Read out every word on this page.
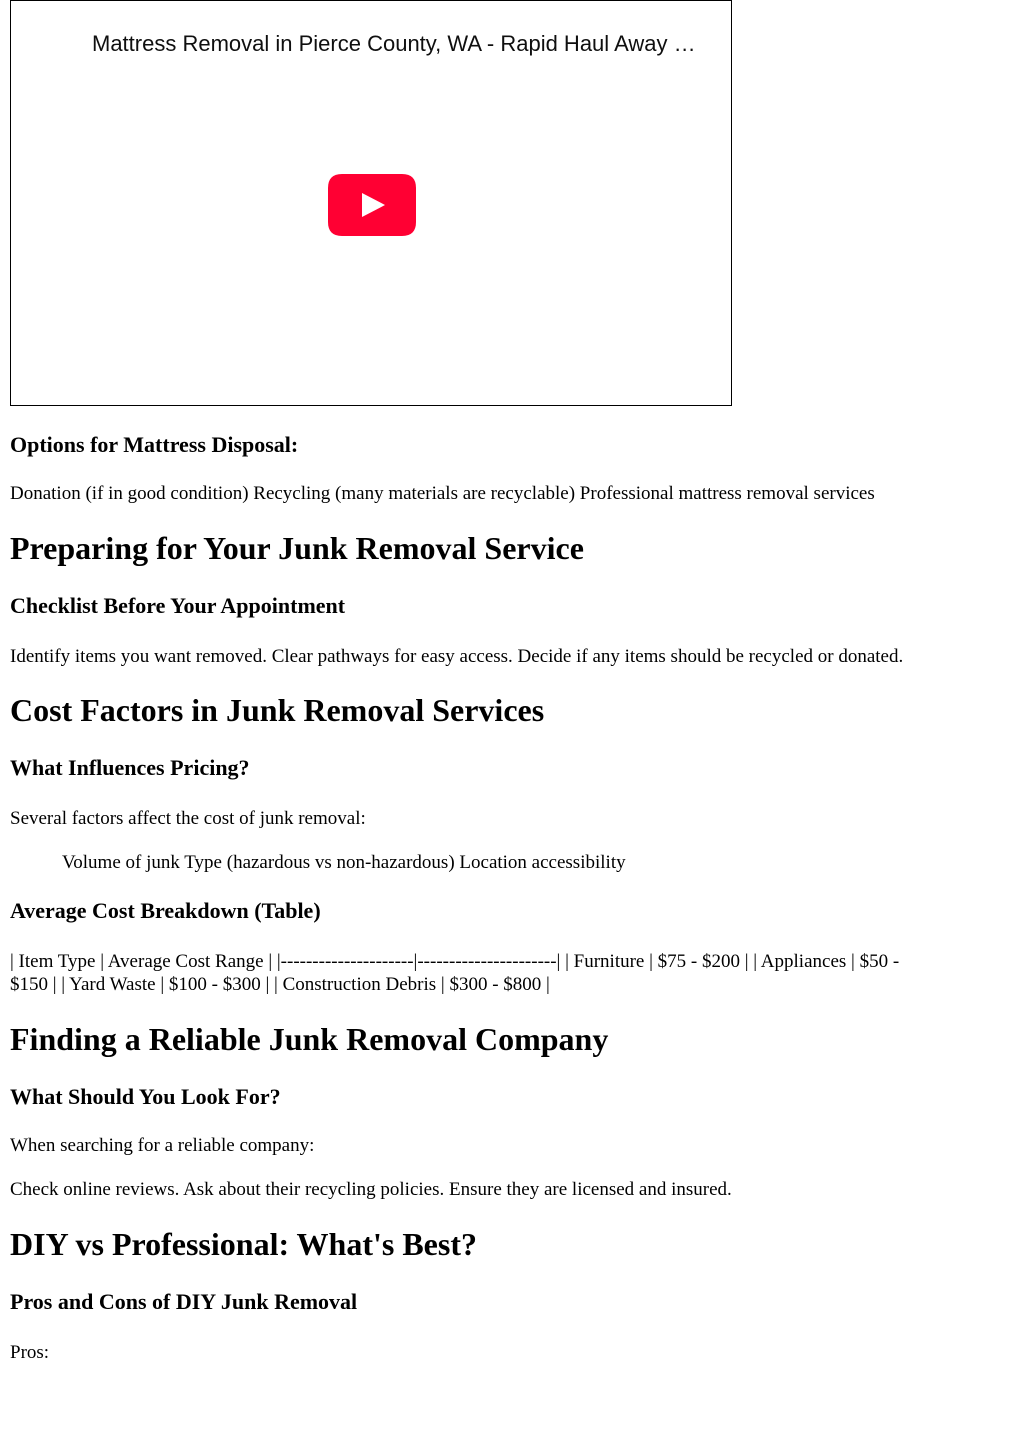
Mattress Removal in Pierce County, WA - Rapid Haul Away …
Options for Mattress Disposal:

Donation (if in good condition) Recycling (many materials are recyclable) Professional mattress removal services

Preparing for Your Junk Removal Service
Checklist Before Your Appointment

Identify items you want removed. Clear pathways for easy access. Decide if any items should be recycled or donated.

Cost Factors in Junk Removal Services
What Influences Pricing?

Several factors affect the cost of junk removal:

Volume of junk Type (hazardous vs non-hazardous) Location accessibility

Average Cost Breakdown (Table)

| Item Type | Average Cost Range | |---------------------|----------------------| | Furniture | $75 - $200 | | Appliances | $50 -

$150 | | Yard Waste | $100 - $300 | | Construction Debris | $300 - $800 |

Finding a Reliable Junk Removal Company
What Should You Look For?

When searching for a reliable company:

Check online reviews. Ask about their recycling policies. Ensure they are licensed and insured.

DIY vs Professional: What's Best?
Pros and Cons of DIY Junk Removal

Pros:
